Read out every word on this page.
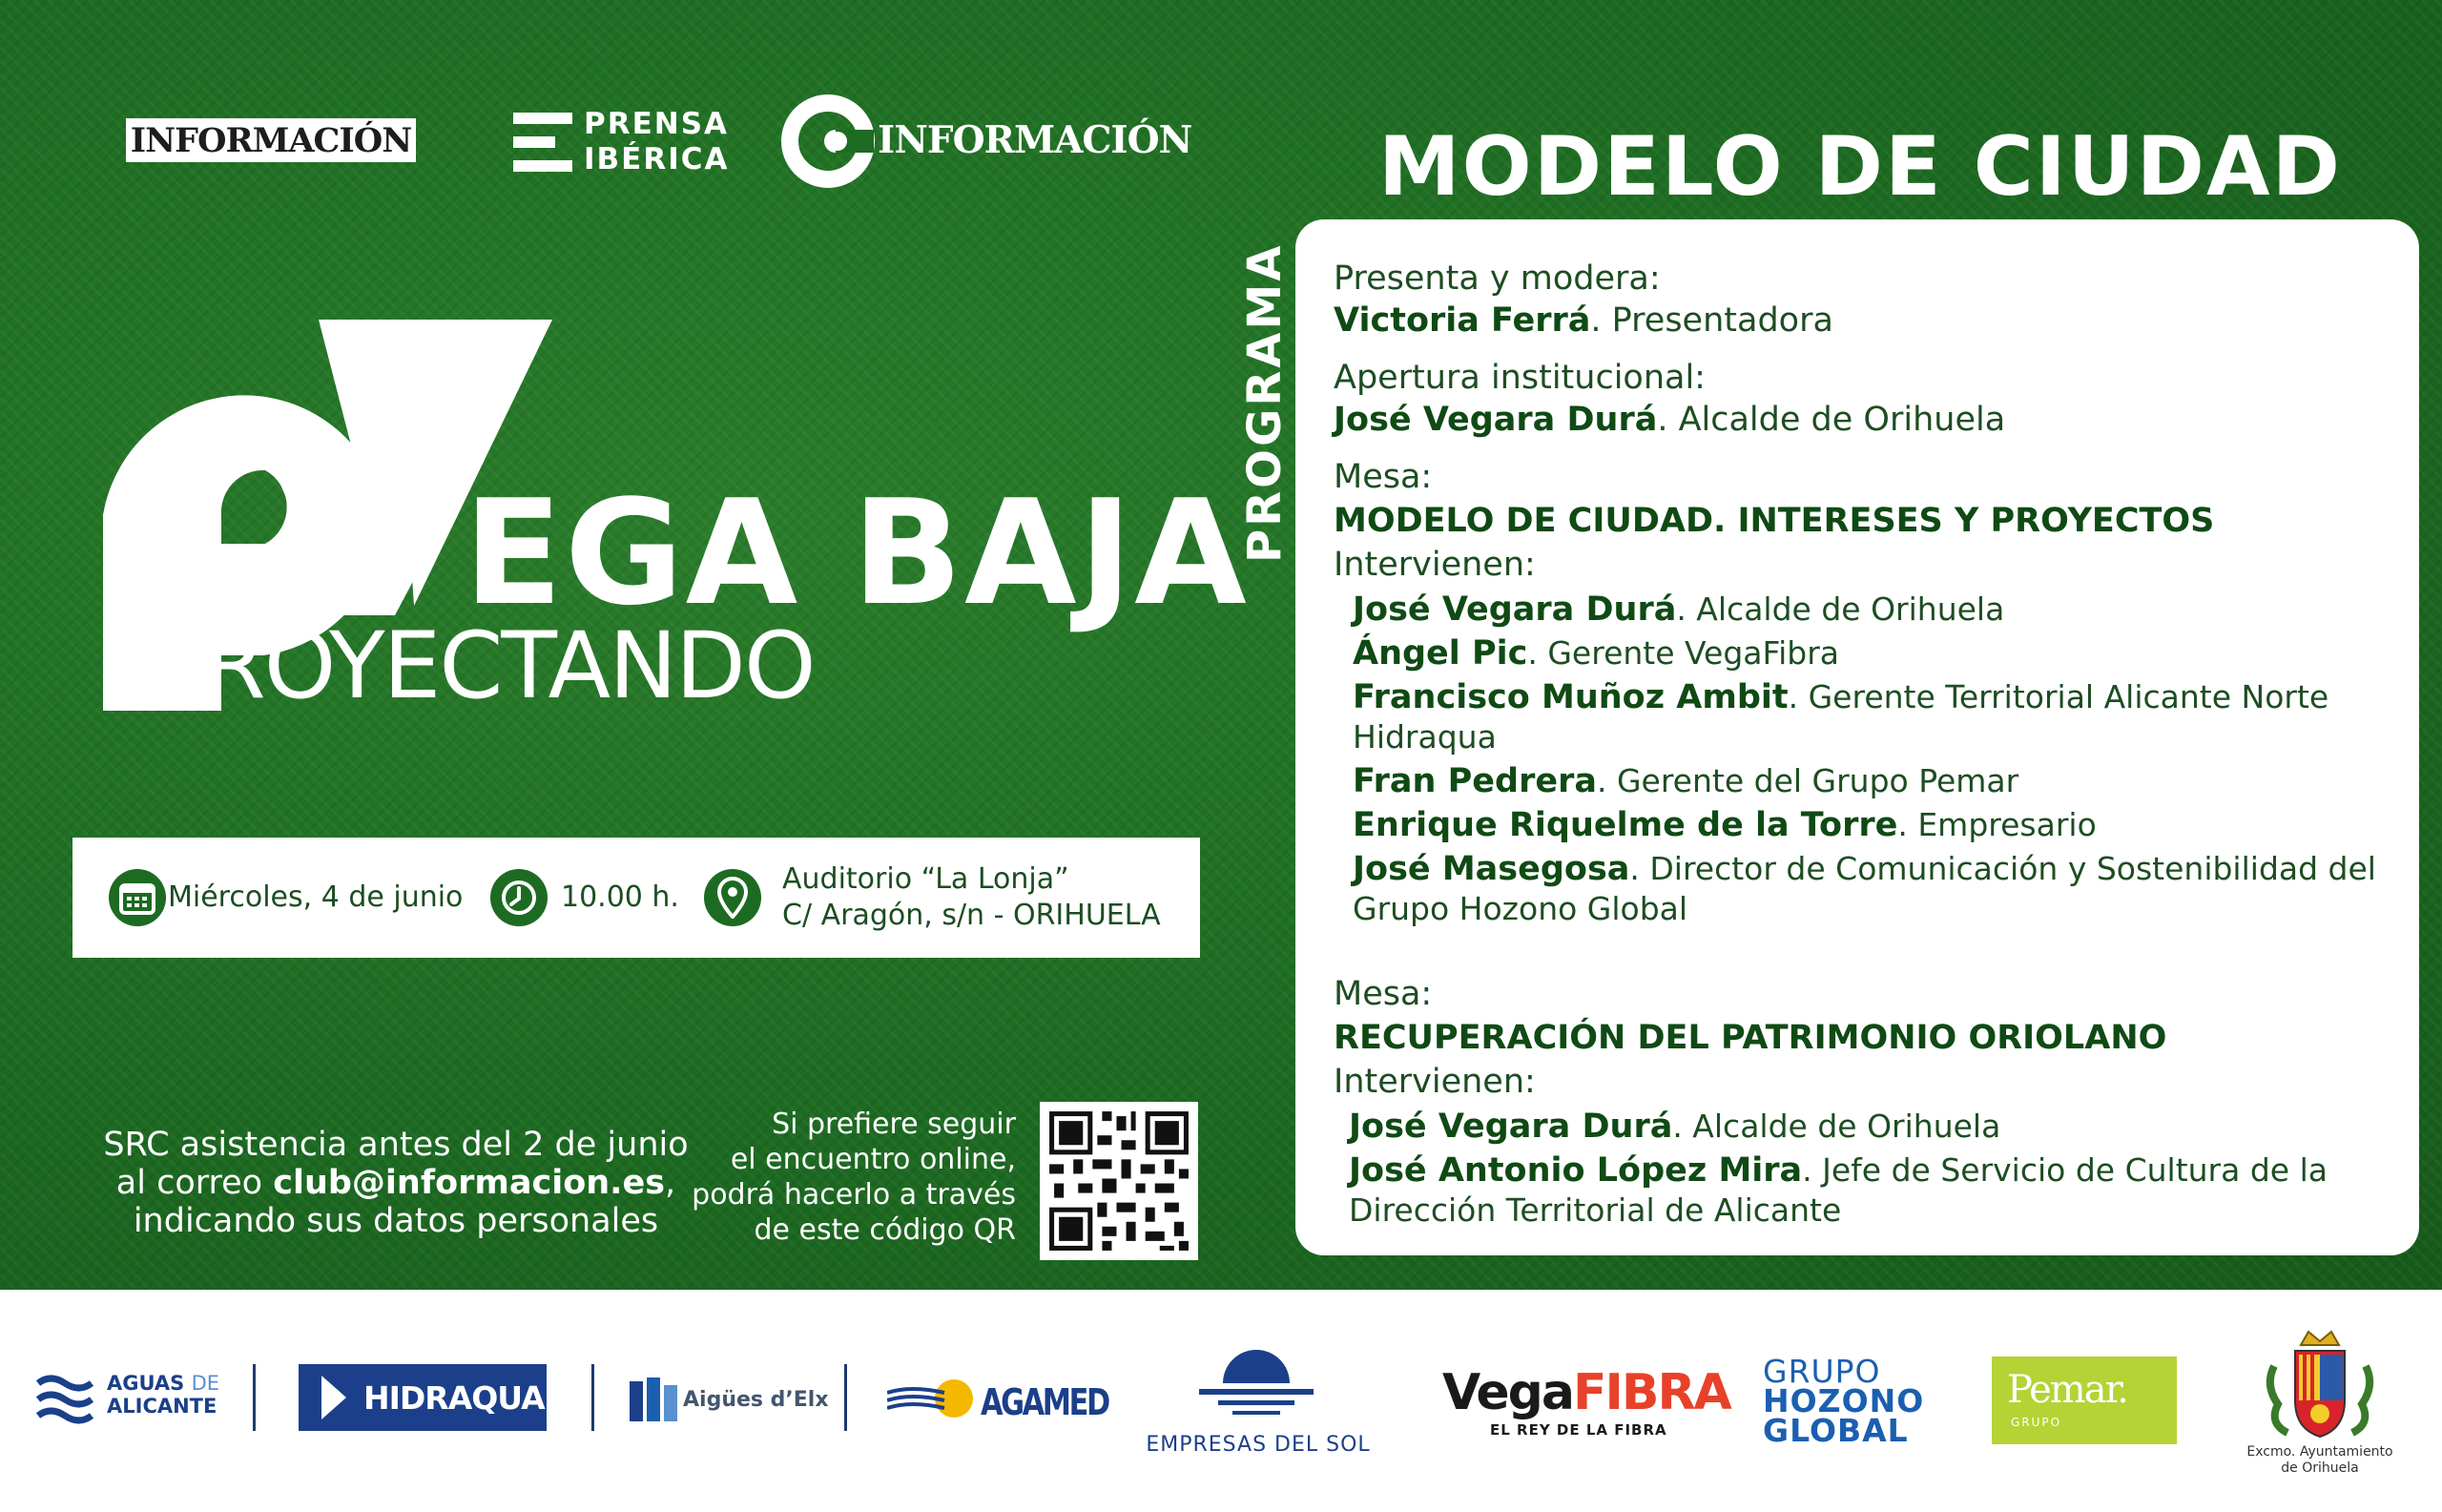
INFORMACIÓN	PRENSA
IBÉRICA	INFORMACIÓN
EGA BAJA
ROYECTANDO
Miércoles, 4 de junio	10.00 h.
Auditorio “La Lonja”
C/ Aragón, s/n - ORIHUELA
SRC asistencia antes del 2 de junio
al correo club@informacion.es,
indicando sus datos personales
Si prefiere seguir
el encuentro online,
podrá hacerlo a través
de este código QR
MODELO DE CIUDAD
PROGRAMA Presenta y modera:
Victoria Ferrá. Presentadora
Apertura institucional:
José Vegara Durá. Alcalde de Orihuela
Mesa:
MODELO DE CIUDAD. INTERESES Y PROYECTOS
Intervienen:
José Vegara Durá. Alcalde de Orihuela
Ángel Pic. Gerente VegaFibra
Francisco Muñoz Ambit. Gerente Territorial Alicante Norte
Hidraqua
Fran Pedrera. Gerente del Grupo Pemar
Enrique Riquelme de la Torre. Empresario
José Masegosa. Director de Comunicación y Sostenibilidad del
Grupo Hozono Global
Mesa:
RECUPERACIÓN DEL PATRIMONIO ORIOLANO
Intervienen:
José Vegara Durá. Alcalde de Orihuela
José Antonio López Mira. Jefe de Servicio de Cultura de la
Dirección Territorial de Alicante
AGUAS DE
ALICANTE	HIDRAQUA	Aigües d’Elx	AGAMED
EMPRESAS DEL SOL
VegaFIBRA
EL REY DE LA FIBRA
GRUPO
HOZONO
GLOBAL
Pemar.
GRUPO
Excmo. Ayuntamiento
de Orihuela
